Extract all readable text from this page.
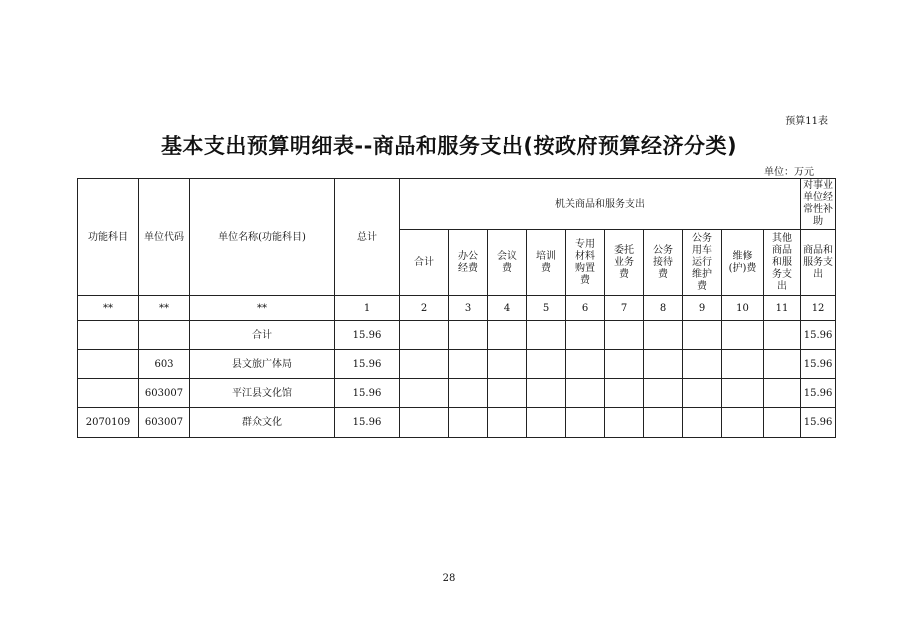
预算11表
基本支出预算明细表--商品和服务支出(按政府预算经济分类)
单位：万元
功能科目	单位代码	单位名称(功能科目)	总计	机关商品和服务支出										对事业单位经常性补助
				合计	办公经费	会议费	培训费	专用材料购置费	委托业务费	公务接待费	公务用车运行维护费	维修(护)费	其他商品和服务支出	商品和服务支出
**	**	**	1	2	3	4	5	6	7	8	9	10	11	12
		合计	15.96											15.96
	603	县文旅广体局	15.96											15.96
	603007	平江县文化馆	15.96											15.96
2070109	603007	群众文化	15.96											15.96
28
